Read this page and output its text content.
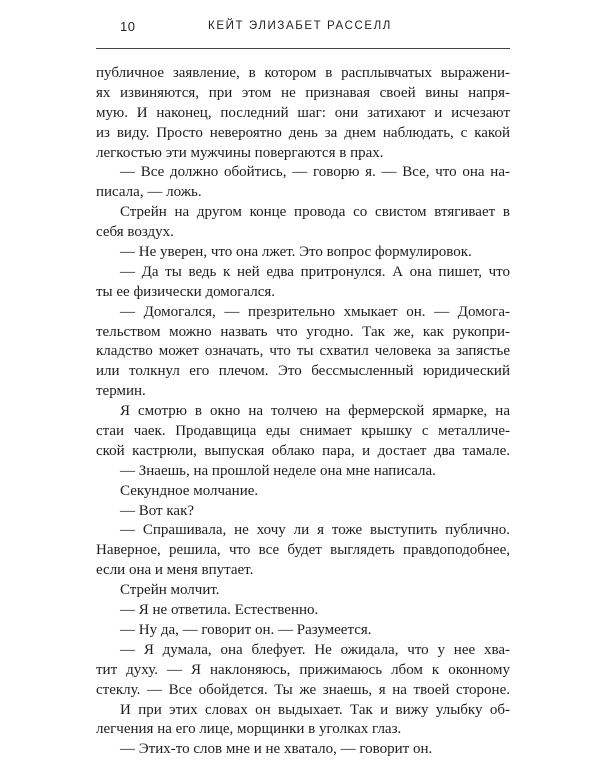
10	КЕЙТ ЭЛИЗАБЕТ РАССЕЛЛ
публичное заявление, в котором в расплывчатых выражени-
ях извиняются, при этом не признавая своей вины напря-
мую. И наконец, последний шаг: они затихают и исчезают
из виду. Просто невероятно день за днем наблюдать, с какой
легкостью эти мужчины повергаются в прах.
— Все должно обойтись, — говорю я. — Все, что она на-
писала, — ложь.
Стрейн на другом конце провода со свистом втягивает в
себя воздух.
— Не уверен, что она лжет. Это вопрос формулировок.
— Да ты ведь к ней едва притронулся. А она пишет, что
ты ее физически домогался.
— Домогался, — презрительно хмыкает он. — Домога-
тельством можно назвать что угодно. Так же, как рукопри-
кладство может означать, что ты схватил человека за запястье
или толкнул его плечом. Это бессмысленный юридический
термин.
Я смотрю в окно на толчею на фермерской ярмарке, на
стаи чаек. Продавщица еды снимает крышку с металличе-
ской кастрюли, выпуская облако пара, и достает два тамале.
— Знаешь, на прошлой неделе она мне написала.
Секундное молчание.
— Вот как?
— Спрашивала, не хочу ли я тоже выступить публично.
Наверное, решила, что все будет выглядеть правдоподобнее,
если она и меня впутает.
Стрейн молчит.
— Я не ответила. Естественно.
— Ну да, — говорит он. — Разумеется.
— Я думала, она блефует. Не ожидала, что у нее хва-
тит духу. — Я наклоняюсь, прижимаюсь лбом к оконному
стеклу. — Все обойдется. Ты же знаешь, я на твоей стороне.
И при этих словах он выдыхает. Так и вижу улыбку об-
легчения на его лице, морщинки в уголках глаз.
— Этих-то слов мне и не хватало, — говорит он.
